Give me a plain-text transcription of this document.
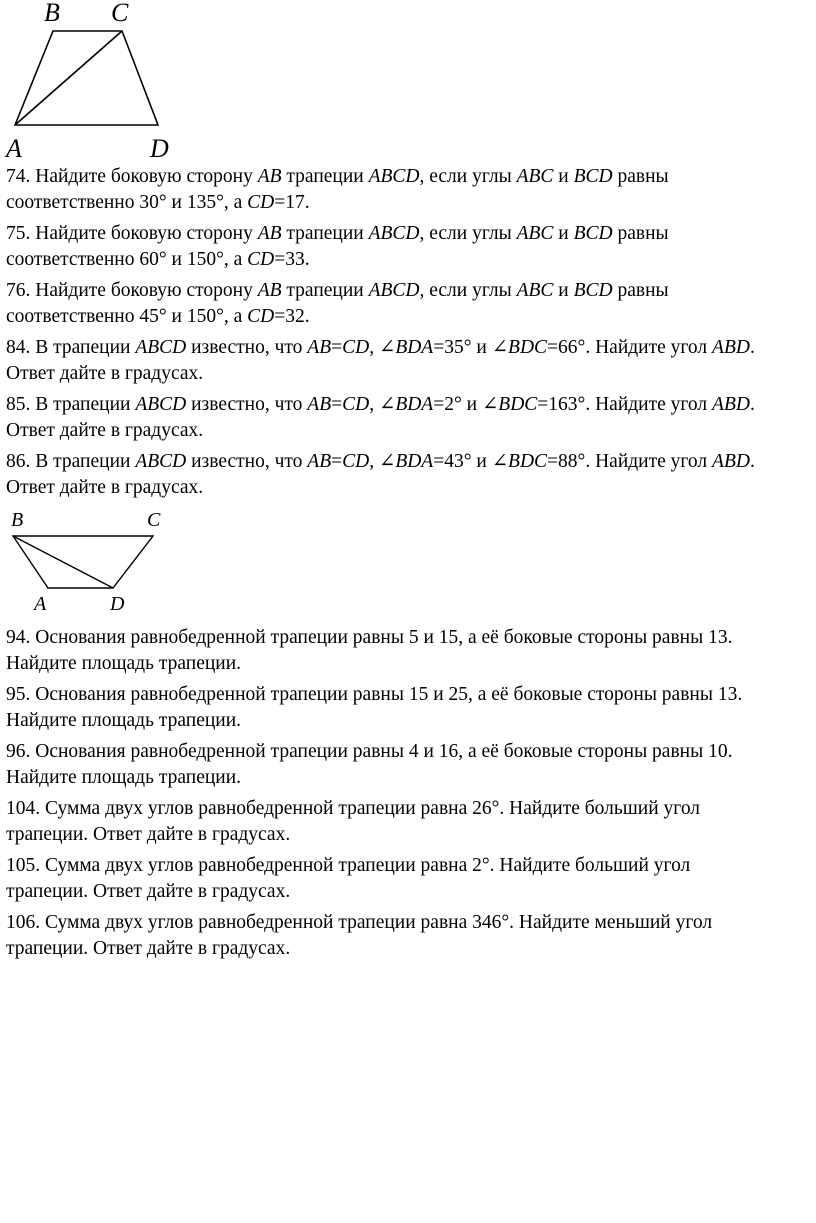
B C
A	D
74. Найдите боковую сторону AB трапеции ABCD, если углы ABC и BCD равны
соответственно 30° и 135°, а CD=17.
75. Найдите боковую сторону AB трапеции ABCD, если углы ABC и BCD равны
соответственно 60° и 150°, а CD=33.
76. Найдите боковую сторону AB трапеции ABCD, если углы ABC и BCD равны
соответственно 45° и 150°, а CD=32.
84. В трапеции ABCD известно, что AB=CD, ∠BDA=35° и ∠BDC=66°. Найдите угол ABD.
Ответ дайте в градусах.
85. В трапеции ABCD известно, что AB=CD, ∠BDA=2° и ∠BDC=163°. Найдите угол ABD.
Ответ дайте в градусах.
86. В трапеции ABCD известно, что AB=CD, ∠BDA=43° и ∠BDC=88°. Найдите угол ABD.
Ответ дайте в градусах.
B	C
A	D
94. Основания равнобедренной трапеции равны 5 и 15, а её боковые стороны равны 13.
Найдите площадь трапеции.
95. Основания равнобедренной трапеции равны 15 и 25, а её боковые стороны равны 13.
Найдите площадь трапеции.
96. Основания равнобедренной трапеции равны 4 и 16, а её боковые стороны равны 10.
Найдите площадь трапеции.
104. Сумма двух углов равнобедренной трапеции равна 26°. Найдите больший угол
трапеции. Ответ дайте в градусах.
105. Сумма двух углов равнобедренной трапеции равна 2°. Найдите больший угол
трапеции. Ответ дайте в градусах.
106. Сумма двух углов равнобедренной трапеции равна 346°. Найдите меньший угол
трапеции. Ответ дайте в градусах.
